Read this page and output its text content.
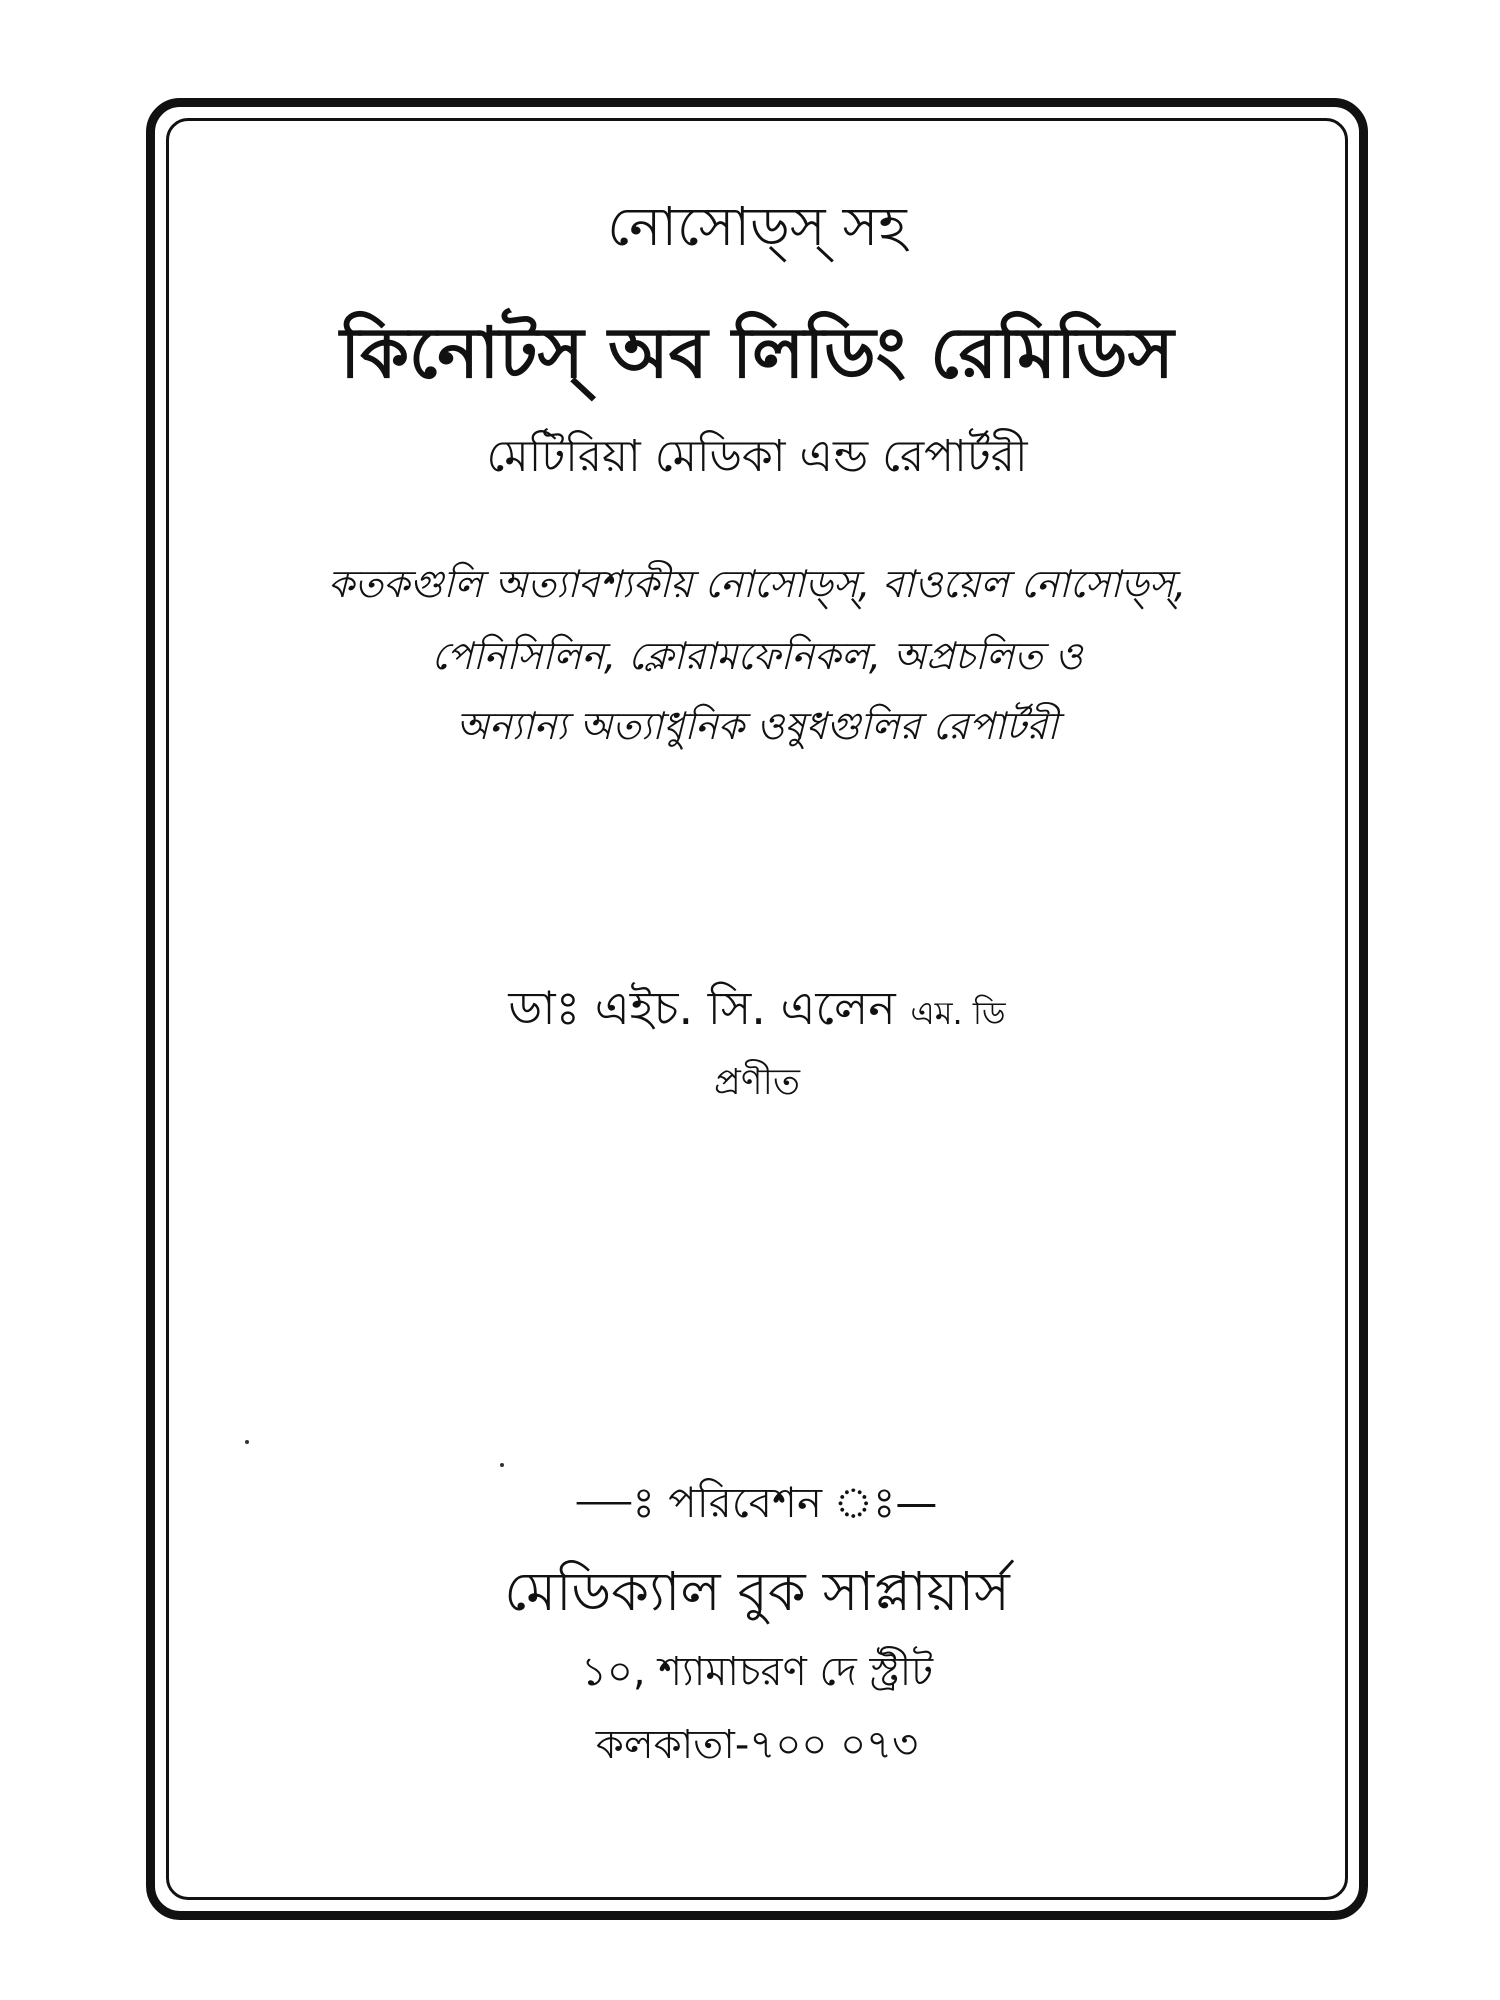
নোসোড্‌স্ সহ
কিনোটস্ অব লিডিং রেমিডিস
মেটিরিয়া মেডিকা এন্ড রেপার্টরী
কতকগুলি অত্যাবশ্যকীয় নোসোড্‌স্, বাওয়েল নোসোড্‌স্,
পেনিসিলিন, ক্লোরামফেনিকল, অপ্রচলিত ও
অন্যান্য অত্যাধুনিক ওষুধগুলির রেপার্টরী
ডাঃ এইচ. সি. এলেন এম. ডি
প্রণীত
—ঃ পরিবেশন ঃ—
মেডিক্যাল বুক সাপ্লায়ার্স
১০, শ্যামাচরণ দে স্ট্রীট
কলকাতা-৭০০ ০৭৩
